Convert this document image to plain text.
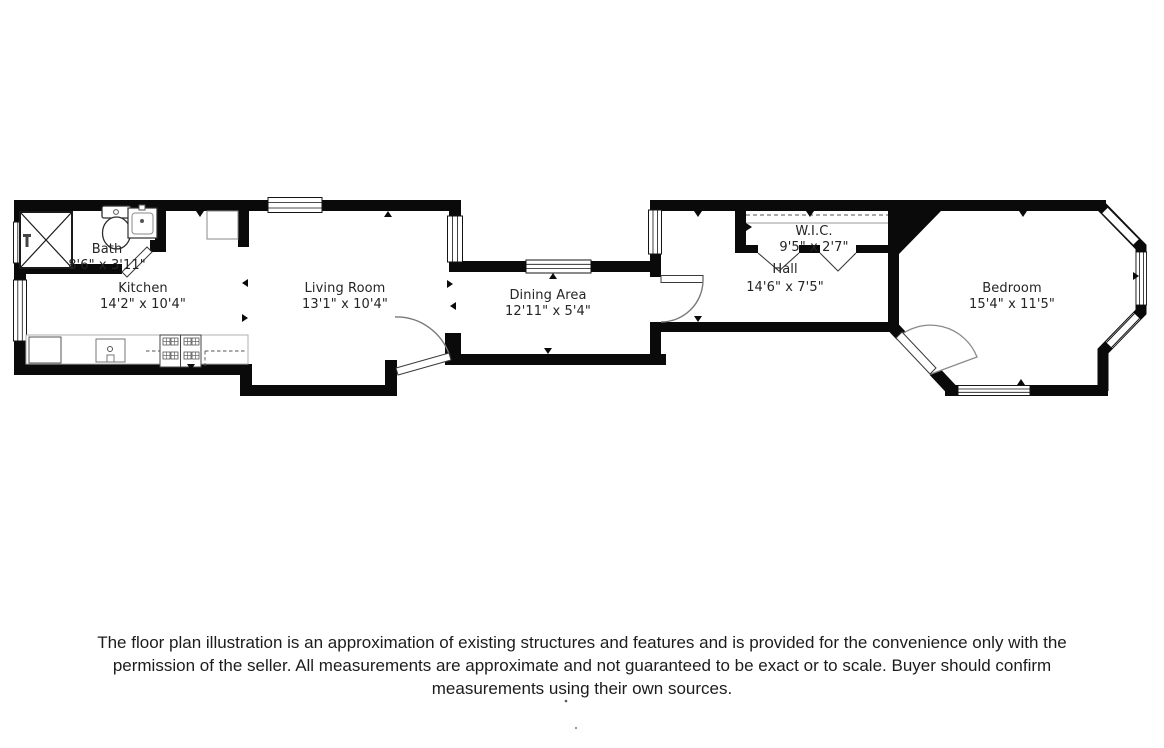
Bath
8'6" x 3'11"
Kitchen
14'2" x 10'4"
Living Room
13'1" x 10'4"
Dining Area
12'11" x 5'4"
W.I.C.
9'5" x 2'7"
Hall
14'6" x 7'5"	Bedroom
15'4" x 11'5"
The floor plan illustration is an approximation of existing structures and features and is provided for the convenience only with the
permission of the seller. All measurements are approximate and not guaranteed to be exact or to scale. Buyer should confirm
measurements using their own sources.
